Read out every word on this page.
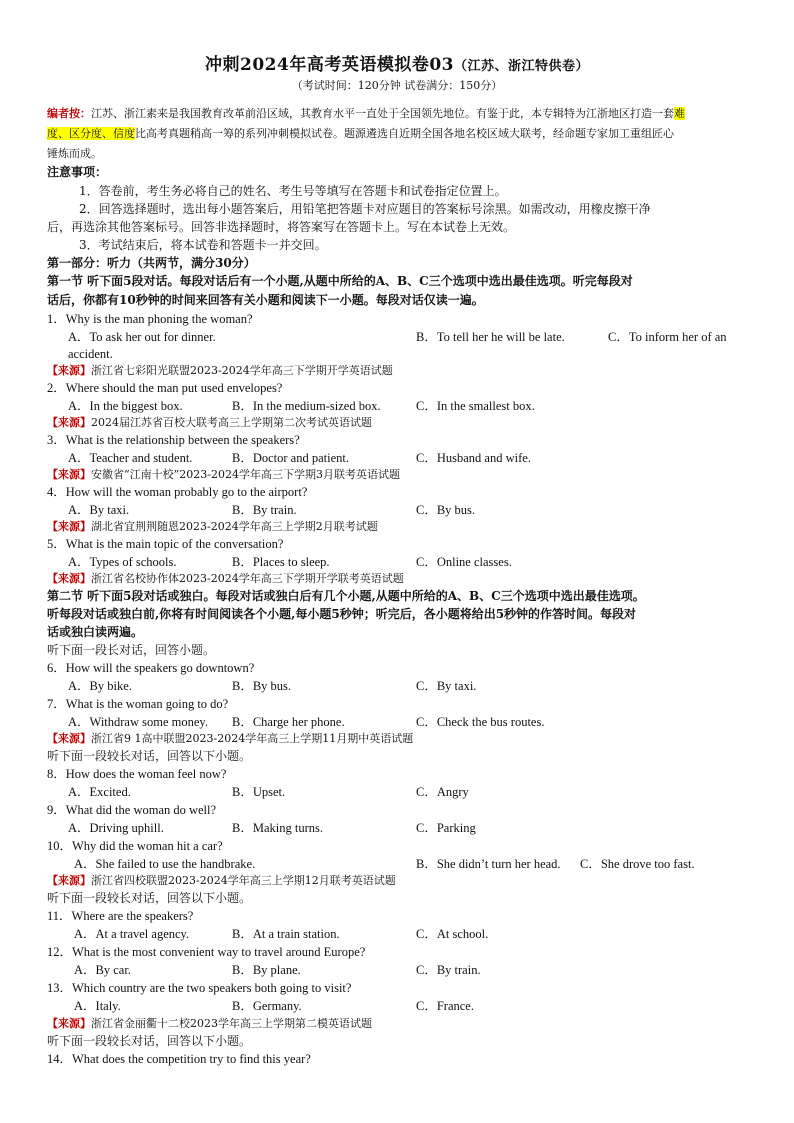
冲刺2024年高考英语模拟卷03（江苏、浙江特供卷）
（考试时间：120分钟 试卷满分：150分）
编者按：江苏、浙江素来是我国教育改革前沿区域，其教育水平一直处于全国领先地位。有鉴于此，本专辑特为江浙地区打造一套难
度、区分度、信度比高考真题稍高一筹的系列冲刺模拟试卷。题源遴选自近期全国各地名校区域大联考，经命题专家加工重组匠心
锤炼而成。
注意事项：
1．答卷前，考生务必将自己的姓名、考生号等填写在答题卡和试卷指定位置上。
2．回答选择题时，选出每小题答案后，用铅笔把答题卡对应题目的答案标号涂黑。如需改动，用橡皮擦干净
后，再选涂其他答案标号。回答非选择题时，将答案写在答题卡上。写在本试卷上无效。
3．考试结束后，将本试卷和答题卡一并交回。
第一部分：听力（共两节，满分30分）
第一节 听下面5段对话。每段对话后有一个小题,从题中所给的A、B、C三个选项中选出最佳选项。听完每段对
话后，你都有10秒钟的时间来回答有关小题和阅读下一小题。每段对话仅读一遍。
1．Why is the man phoning the woman?
A．To ask her out for dinner.	B．To tell her he will be late.	C．To inform her of an
accident.
【来源】浙江省七彩阳光联盟2023-2024学年高三下学期开学英语试题
2．Where should the man put used envelopes?
A．In the biggest box.	B．In the medium-sized box.	C．In the smallest box.
【来源】2024届江苏省百校大联考高三上学期第二次考试英语试题
3．What is the relationship between the speakers?
A．Teacher and student.	B．Doctor and patient.	C．Husband and wife.
【来源】安徽省“江南十校”2023-2024学年高三下学期3月联考英语试题
4．How will the woman probably go to the airport?
A．By taxi.	B．By train.	C．By bus.
【来源】湖北省宜荆荆随恩2023-2024学年高三上学期2月联考试题
5．What is the main topic of the conversation?
A．Types of schools.	B．Places to sleep.	C．Online classes.
【来源】浙江省名校协作体2023-2024学年高三下学期开学联考英语试题
第二节 听下面5段对话或独白。每段对话或独白后有几个小题,从题中所给的A、B、C三个选项中选出最佳选项。
听每段对话或独白前,你将有时间阅读各个小题,每小题5秒钟；听完后，各小题将给出5秒钟的作答时间。每段对
话或独白读两遍。
听下面一段长对话，回答小题。
6．How will the speakers go downtown?
A．By bike.	B．By bus.	C．By taxi.
7．What is the woman going to do?
A．Withdraw some money. B．Charge her phone.	C．Check the bus routes.
【来源】浙江省9 1高中联盟2023-2024学年高三上学期11月期中英语试题
听下面一段较长对话，回答以下小题。
8．How does the woman feel now?
A．Excited.	B．Upset.	C．Angry
9．What did the woman do well?
A．Driving uphill.	B．Making turns.	C．Parking
10．Why did the woman hit a car?
A．She failed to use the handbrake.	B．She didn’t turn her head. C．She drove too fast.
【来源】浙江省四校联盟2023-2024学年高三上学期12月联考英语试题
听下面一段较长对话，回答以下小题。
11．Where are the speakers?
A．At a travel agency.	B．At a train station.	C．At school.
12．What is the most convenient way to travel around Europe?
A．By car.	B．By plane.	C．By train.
13．Which country are the two speakers both going to visit?
A．Italy.	B．Germany.	C．France.
【来源】浙江省金丽衢十二校2023学年高三上学期第二模英语试题
听下面一段较长对话，回答以下小题。
14．What does the competition try to find this year?
